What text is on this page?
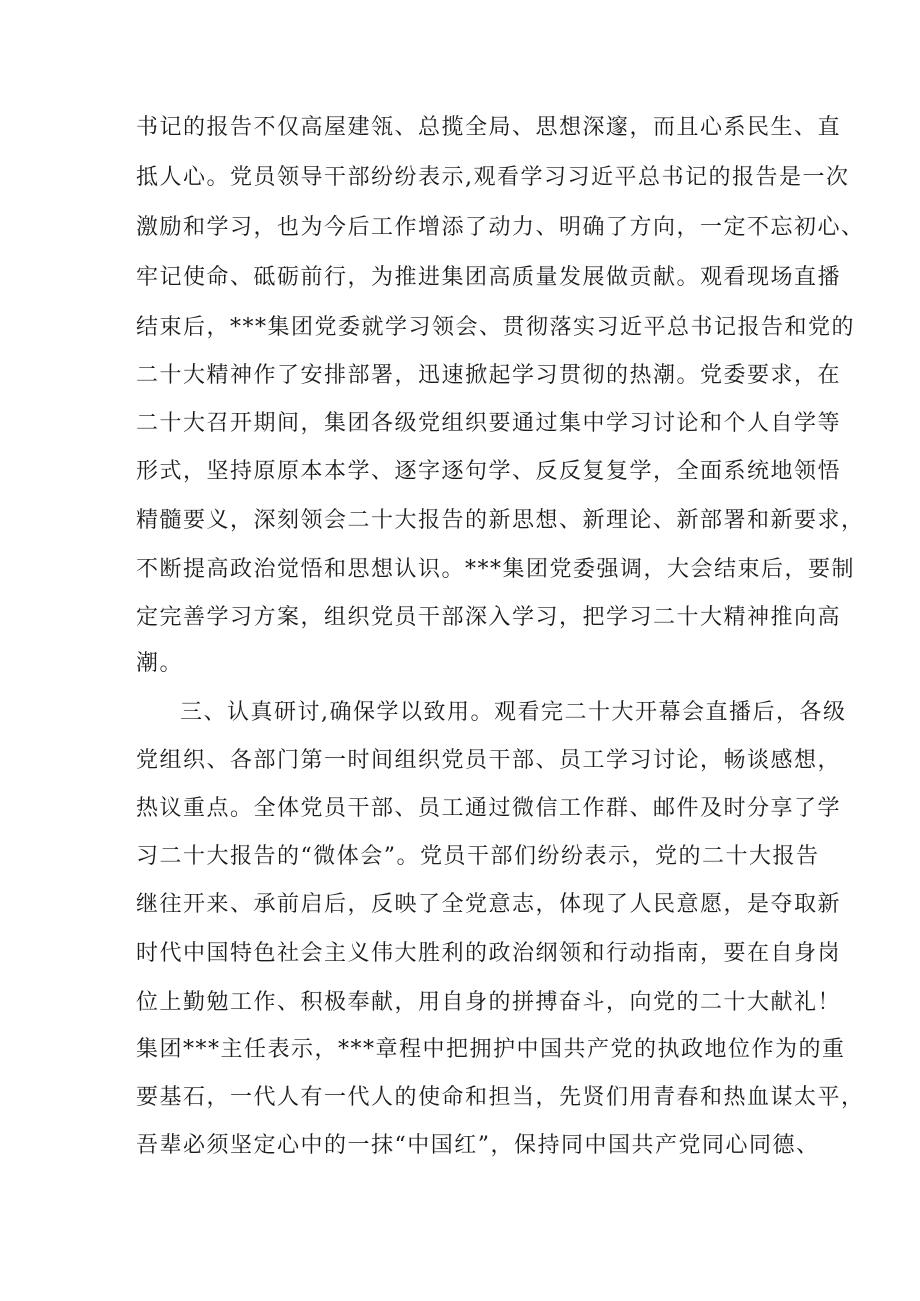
书记的报告不仅高屋建瓴、总揽全局、思想深邃，而且心系民生、直
抵人心。党员领导干部纷纷表示,观看学习习近平总书记的报告是一次
激励和学习，也为今后工作增添了动力、明确了方向，一定不忘初心、
牢记使命、砥砺前行，为推进集团高质量发展做贡献。观看现场直播
结束后，***集团党委就学习领会、贯彻落实习近平总书记报告和党的
二十大精神作了安排部署，迅速掀起学习贯彻的热潮。党委要求，在
二十大召开期间，集团各级党组织要通过集中学习讨论和个人自学等
形式，坚持原原本本学、逐字逐句学、反反复复学，全面系统地领悟
精髓要义，深刻领会二十大报告的新思想、新理论、新部署和新要求，
不断提高政治觉悟和思想认识。***集团党委强调，大会结束后，要制
定完善学习方案，组织党员干部深入学习，把学习二十大精神推向高
潮。
三、认真研讨,确保学以致用。观看完二十大开幕会直播后，各级
党组织、各部门第一时间组织党员干部、员工学习讨论，畅谈感想，
热议重点。全体党员干部、员工通过微信工作群、邮件及时分享了学
习二十大报告的“微体会”。党员干部们纷纷表示，党的二十大报告
继往开来、承前启后，反映了全党意志，体现了人民意愿，是夺取新
时代中国特色社会主义伟大胜利的政治纲领和行动指南，要在自身岗
位上勤勉工作、积极奉献，用自身的拼搏奋斗，向党的二十大献礼！
集团***主任表示，***章程中把拥护中国共产党的执政地位作为的重
要基石，一代人有一代人的使命和担当，先贤们用青春和热血谋太平，
吾辈必须坚定心中的一抹“中国红”，保持同中国共产党同心同德、
